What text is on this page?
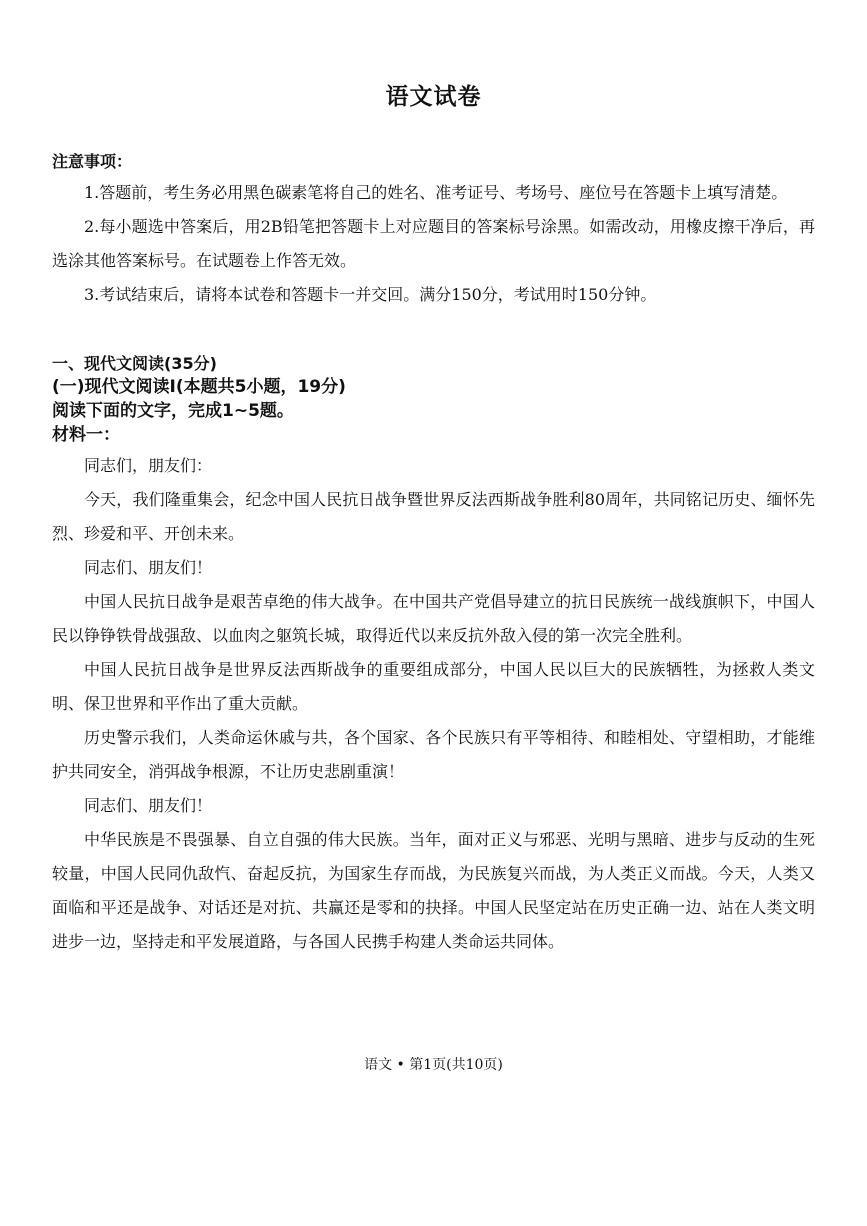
语文试卷
注意事项：

1.答题前，考生务必用黑色碳素笔将自己的姓名、准考证号、考场号、座位号在答题卡上填写清楚。

2.每小题选中答案后，用2B铅笔把答题卡上对应题目的答案标号涂黑。如需改动，用橡皮擦干净后，再选涂其他答案标号。在试题卷上作答无效。

3.考试结束后，请将本试卷和答题卡一并交回。满分150分，考试用时150分钟。

一、现代文阅读(35分)
(一)现代文阅读Ⅰ(本题共5小题，19分)
阅读下面的文字，完成1~5题。
材料一：

同志们，朋友们：

今天，我们隆重集会，纪念中国人民抗日战争暨世界反法西斯战争胜利80周年，共同铭记历史、缅怀先烈、珍爱和平、开创未来。

同志们、朋友们！

中国人民抗日战争是艰苦卓绝的伟大战争。在中国共产党倡导建立的抗日民族统一战线旗帜下，中国人民以铮铮铁骨战强敌、以血肉之躯筑长城，取得近代以来反抗外敌入侵的第一次完全胜利。

中国人民抗日战争是世界反法西斯战争的重要组成部分，中国人民以巨大的民族牺牲，为拯救人类文明、保卫世界和平作出了重大贡献。

历史警示我们，人类命运休戚与共，各个国家、各个民族只有平等相待、和睦相处、守望相助，才能维护共同安全，消弭战争根源，不让历史悲剧重演！

同志们、朋友们！

中华民族是不畏强暴、自立自强的伟大民族。当年，面对正义与邪恶、光明与黑暗、进步与反动的生死较量，中国人民同仇敌忾、奋起反抗，为国家生存而战，为民族复兴而战，为人类正义而战。今天，人类又面临和平还是战争、对话还是对抗、共赢还是零和的抉择。中国人民坚定站在历史正确一边、站在人类文明进步一边，坚持走和平发展道路，与各国人民携手构建人类命运共同体。

语文 • 第1页(共10页)
